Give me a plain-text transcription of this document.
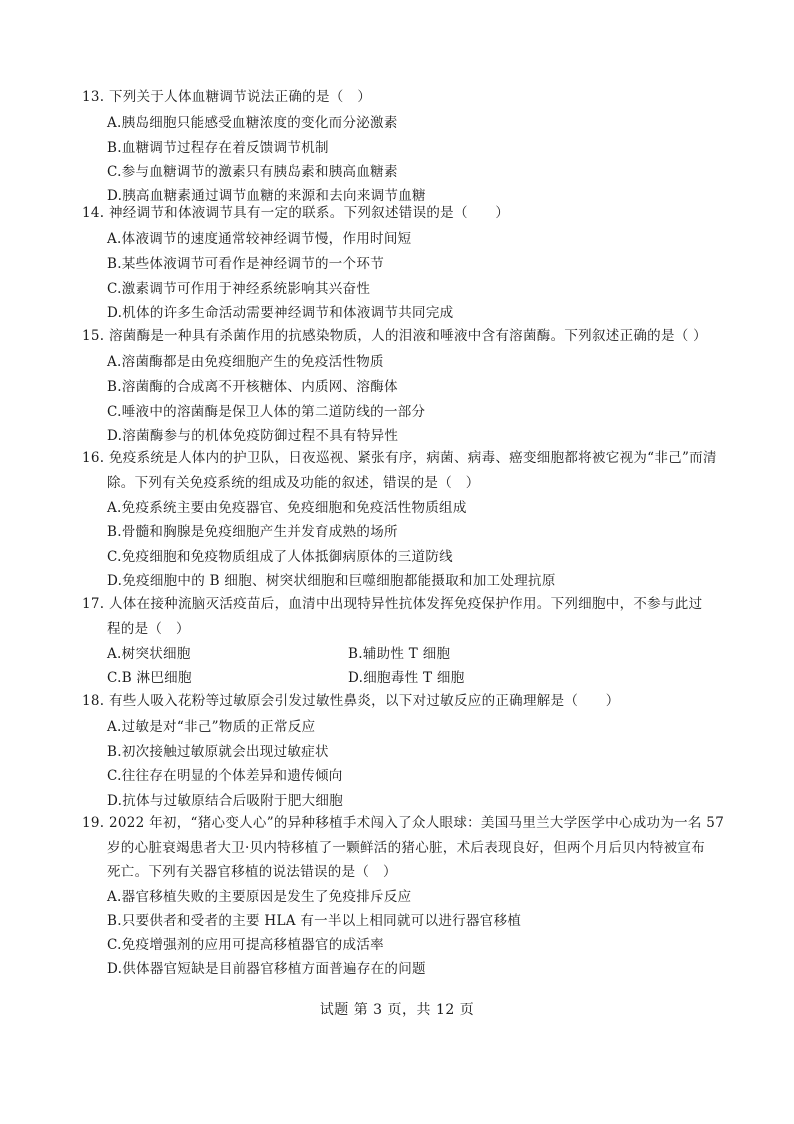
13. 下列关于人体血糖调节说法正确的是（　）
A.胰岛细胞只能感受血糖浓度的变化而分泌激素
B.血糖调节过程存在着反馈调节机制
C.参与血糖调节的激素只有胰岛素和胰高血糖素
D.胰高血糖素通过调节血糖的来源和去向来调节血糖
14. 神经调节和体液调节具有一定的联系。下列叙述错误的是（　　）
A.体液调节的速度通常较神经调节慢，作用时间短
B.某些体液调节可看作是神经调节的一个环节
C.激素调节可作用于神经系统影响其兴奋性
D.机体的许多生命活动需要神经调节和体液调节共同完成
15. 溶菌酶是一种具有杀菌作用的抗感染物质，人的泪液和唾液中含有溶菌酶。下列叙述正确的是（ ）
A.溶菌酶都是由免疫细胞产生的免疫活性物质
B.溶菌酶的合成离不开核糖体、内质网、溶酶体
C.唾液中的溶菌酶是保卫人体的第二道防线的一部分
D.溶菌酶参与的机体免疫防御过程不具有特异性
16. 免疫系统是人体内的护卫队，日夜巡视、紧张有序，病菌、病毒、癌变细胞都将被它视为“非己”而清
除。下列有关免疫系统的组成及功能的叙述，错误的是（　）
A.免疫系统主要由免疫器官、免疫细胞和免疫活性物质组成
B.骨髓和胸腺是免疫细胞产生并发育成熟的场所
C.免疫细胞和免疫物质组成了人体抵御病原体的三道防线
D.免疫细胞中的 B 细胞、树突状细胞和巨噬细胞都能摄取和加工处理抗原
17. 人体在接种流脑灭活疫苗后，血清中出现特异性抗体发挥免疫保护作用。下列细胞中，不参与此过
程的是（　）
A.树突状细胞	B.辅助性 T 细胞
C.B 淋巴细胞	D.细胞毒性 T 细胞
18. 有些人吸入花粉等过敏原会引发过敏性鼻炎，以下对过敏反应的正确理解是（　　）
A.过敏是对“非己”物质的正常反应
B.初次接触过敏原就会出现过敏症状
C.往往存在明显的个体差异和遗传倾向
D.抗体与过敏原结合后吸附于肥大细胞
19. 2022 年初，“猪心变人心”的异种移植手术闯入了众人眼球：美国马里兰大学医学中心成功为一名 57
岁的心脏衰竭患者大卫·贝内特移植了一颗鲜活的猪心脏，术后表现良好，但两个月后贝内特被宣布
死亡。下列有关器官移植的说法错误的是（　）
A.器官移植失败的主要原因是发生了免疫排斥反应
B.只要供者和受者的主要 HLA 有一半以上相同就可以进行器官移植
C.免疫增强剂的应用可提高移植器官的成活率
D.供体器官短缺是目前器官移植方面普遍存在的问题
试题 第 3 页，共 12 页
